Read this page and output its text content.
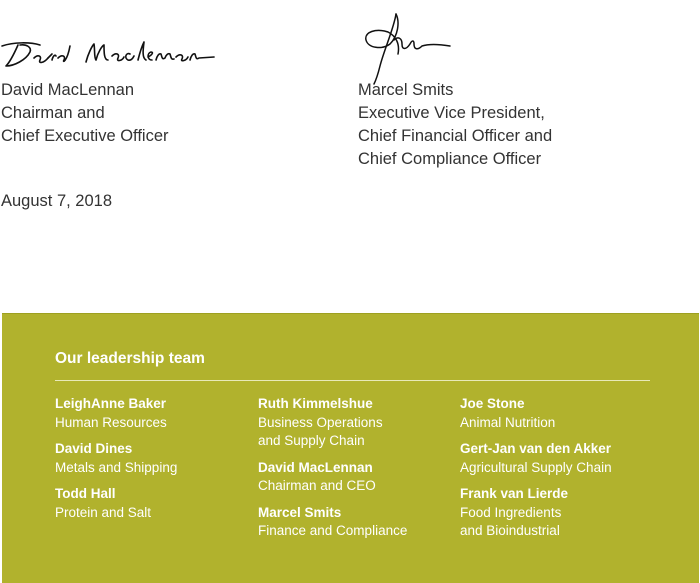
David MacLennan
Chairman and
Chief Executive Officer
Marcel Smits
Executive Vice President,
Chief Financial Officer and
Chief Compliance Officer
August 7, 2018
Our leadership team
LeighAnne Baker
Human Resources
David Dines
Metals and Shipping
Todd Hall
Protein and Salt
Ruth Kimmelshue
Business Operations
and Supply Chain
David MacLennan
Chairman and CEO
Marcel Smits
Finance and Compliance
Joe Stone
Animal Nutrition
Gert-Jan van den Akker
Agricultural Supply Chain
Frank van Lierde
Food Ingredients
and Bioindustrial
